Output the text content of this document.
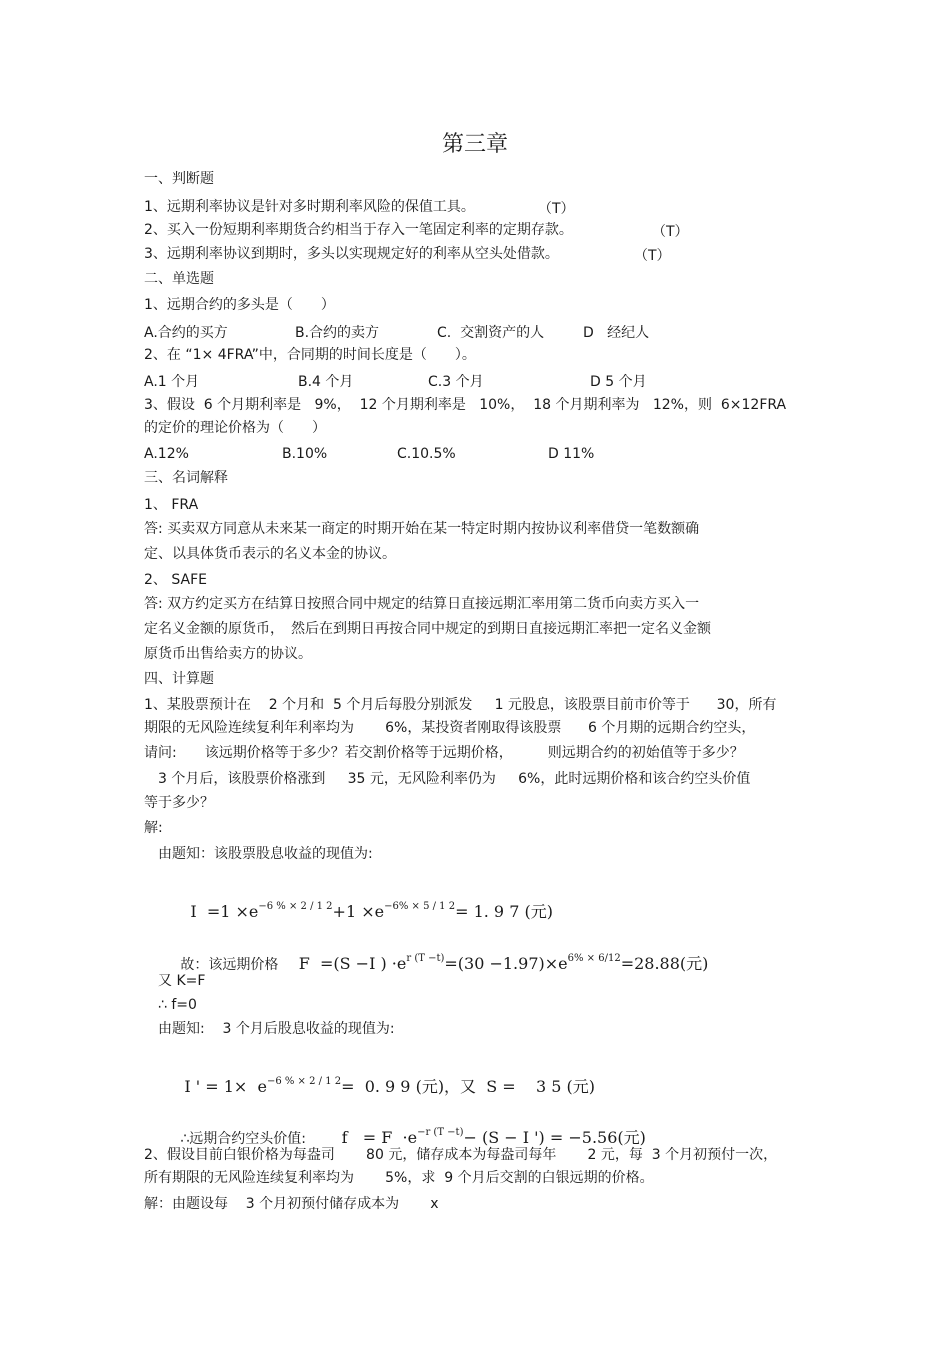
第三章
一、判断题
1、远期利率协议是针对多时期利率风险的保值工具。	（T）
2、买入一份短期利率期货合约相当于存入一笔固定利率的定期存款。	（T）
3、远期利率协议到期时，多头以实现规定好的利率从空头处借款。	（T）
二、单选题
1、远期合约的多头是（　　）
A.合约的买方	B.合约的卖方	C.  交割资产的人	D   经纪人
2、在 “1× 4FRA”中，合同期的时间长度是（　　）。
A.1 个月	B.4 个月	C.3 个月	D 5 个月
3、假设  6 个月期利率是   9%，  12 个月期利率是   10%，  18 个月期利率为   12%，则  6×12FRA
的定价的理论价格为（　　）
A.12%	B.10%	C.10.5%	D 11%
三、名词解释
1、 FRA
答: 买卖双方同意从未来某一商定的时期开始在某一特定时期内按协议利率借贷一笔数额确
定、以具体货币表示的名义本金的协议。
2、 SAFE
答: 双方约定买方在结算日按照合同中规定的结算日直接远期汇率用第二货币向卖方买入一
定名义金额的原货币，　然后在到期日再按合同中规定的到期日直接远期汇率把一定名义金额
原货币出售给卖方的协议。
四、计算题
1、某股票预计在    2 个月和  5 个月后每股分别派发     1 元股息，该股票目前市价等于      30，所有
期限的无风险连续复利年利率均为       6%，某投资者刚取得该股票      6 个月期的远期合约空头，
请问:　　该远期价格等于多少？若交割价格等于远期价格，　　　则远期合约的初始值等于多少？
3 个月后，该股票价格涨到     35 元，无风险利率仍为     6%，此时远期价格和该合约空头价值
等于多少？
解:
由题知：该股票股息收益的现值为:

$I =1 \times e^{-6 \% \times 2 / 1 2}+1 \times e^{-6\% \times 5 / 1 2}= 1$. 9 7 (元)

故：该远期价格 F  =(S −I ) $\cdot e^{r (T -t)}=(30 -1.97)\times e^{6\% \times 6/12}=28.88$(元)

又 K=F
∴ f=0
由题知:    3 个月后股息收益的现值为:

I ' = $1\times e^{-6 \% \times 2 / 1 2}= 0$. 9 9 (元)，又  S =    3 5 (元)

∴远期合约空头价值: $f = F \cdot e^{-r (T -t)}- (S - I$ ') = −5.56(元)

2、假设目前白银价格为每盎司       80 元，储存成本为每盎司每年       2 元，每  3 个月初预付一次，
所有期限的无风险连续复利率均为       5%，求  9 个月后交割的白银远期的价格。
解：由题设每    3 个月初预付储存成本为       x
